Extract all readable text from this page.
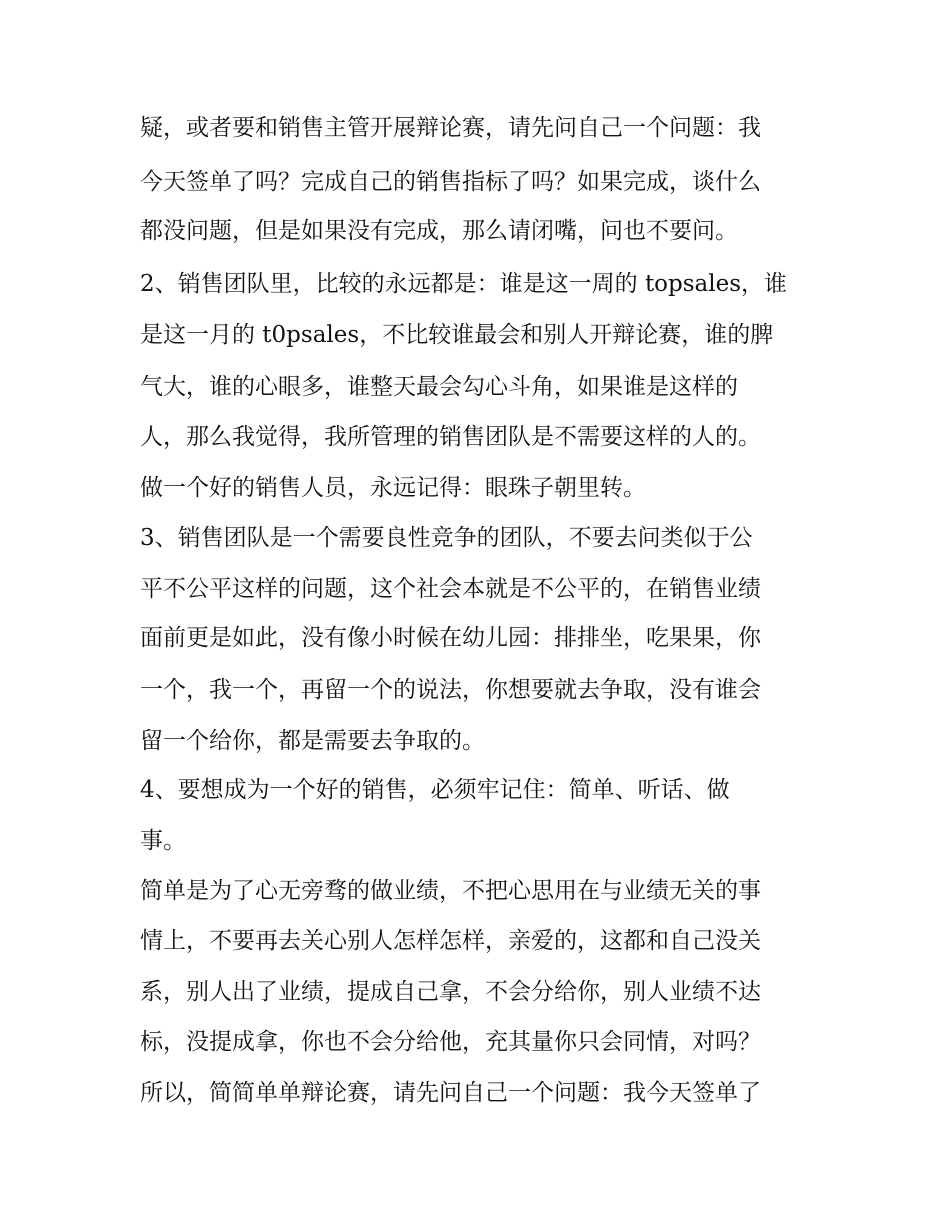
疑，或者要和销售主管开展辩论赛，请先问自己一个问题：我
今天签单了吗？完成自己的销售指标了吗？如果完成，谈什么
都没问题，但是如果没有完成，那么请闭嘴，问也不要问。
2、销售团队里，比较的永远都是：谁是这一周的 topsales，谁
是这一月的 t0psales，不比较谁最会和别人开辩论赛，谁的脾
气大，谁的心眼多，谁整天最会勾心斗角，如果谁是这样的
人，那么我觉得，我所管理的销售团队是不需要这样的人的。
做一个好的销售人员，永远记得：眼珠子朝里转。
3、销售团队是一个需要良性竞争的团队，不要去问类似于公
平不公平这样的问题，这个社会本就是不公平的，在销售业绩
面前更是如此，没有像小时候在幼儿园：排排坐，吃果果，你
一个，我一个，再留一个的说法，你想要就去争取，没有谁会
留一个给你，都是需要去争取的。
4、要想成为一个好的销售，必须牢记住：简单、听话、做
事。
简单是为了心无旁骛的做业绩，不把心思用在与业绩无关的事
情上，不要再去关心别人怎样怎样，亲爱的，这都和自己没关
系，别人出了业绩，提成自己拿，不会分给你，别人业绩不达
标，没提成拿，你也不会分给他，充其量你只会同情，对吗？
所以，简简单单辩论赛，请先问自己一个问题：我今天签单了
